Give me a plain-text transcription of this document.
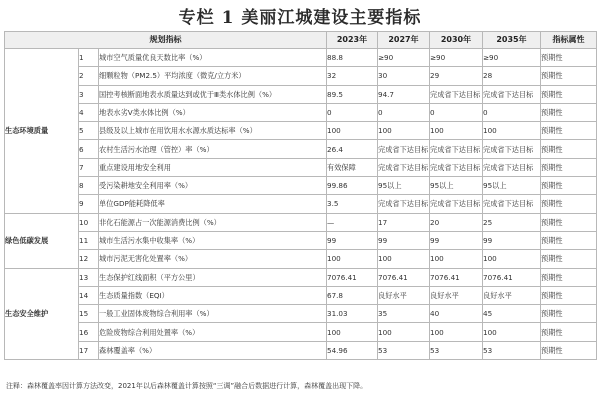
专栏 1 美丽江城建设主要指标
规划指标			2023年	2027年	2030年	2035年	指标属性
生态环境质量	1	城市空气质量优良天数比率（%）	88.8	≥90	≥90	≥90	预期性
	2	细颗粒物（PM2.5）平均浓度（微克/立方米）	32	30	29	28	预期性
	3	国控考核断面地表水质量达到或优于Ⅲ类水体比例（%）	89.5	94.7	完成省下达目标	完成省下达目标	预期性
	4	地表水劣V类水体比例（%）	0	0	0	0	预期性
	5	县级及以上城市在用饮用水水源水质达标率（%）	100	100	100	100	预期性
	6	农村生活污水治理（管控）率（%）	26.4	完成省下达目标	完成省下达目标	完成省下达目标	预期性
	7	重点建设用地安全利用	有效保障	完成省下达目标	完成省下达目标	完成省下达目标	预期性
	8	受污染耕地安全利用率（%）	99.86	95以上	95以上	95以上	预期性
	9	单位GDP能耗降低率	3.5	完成省下达目标	完成省下达目标	完成省下达目标	预期性
绿色低碳发展	10	非化石能源占一次能源消费比例（%）	—	17	20	25	预期性
	11	城市生活污水集中收集率（%）	99	99	99	99	预期性
	12	城市污泥无害化处置率（%）	100	100	100	100	预期性
生态安全维护	13	生态保护红线面积（平方公里）	7076.41	7076.41	7076.41	7076.41	预期性
	14	生态质量指数（EQI）	67.8	良好水平	良好水平	良好水平	预期性
	15	一般工业固体废物综合利用率（%）	31.03	35	40	45	预期性
	16	危险废物综合利用处置率（%）	100	100	100	100	预期性
	17	森林覆盖率（%）	54.96	53	53	53	预期性
注释：森林覆盖率因计算方法改变，2021年以后森林覆盖计算按照“三调”融合后数据进行计算，森林覆盖出现下降。
